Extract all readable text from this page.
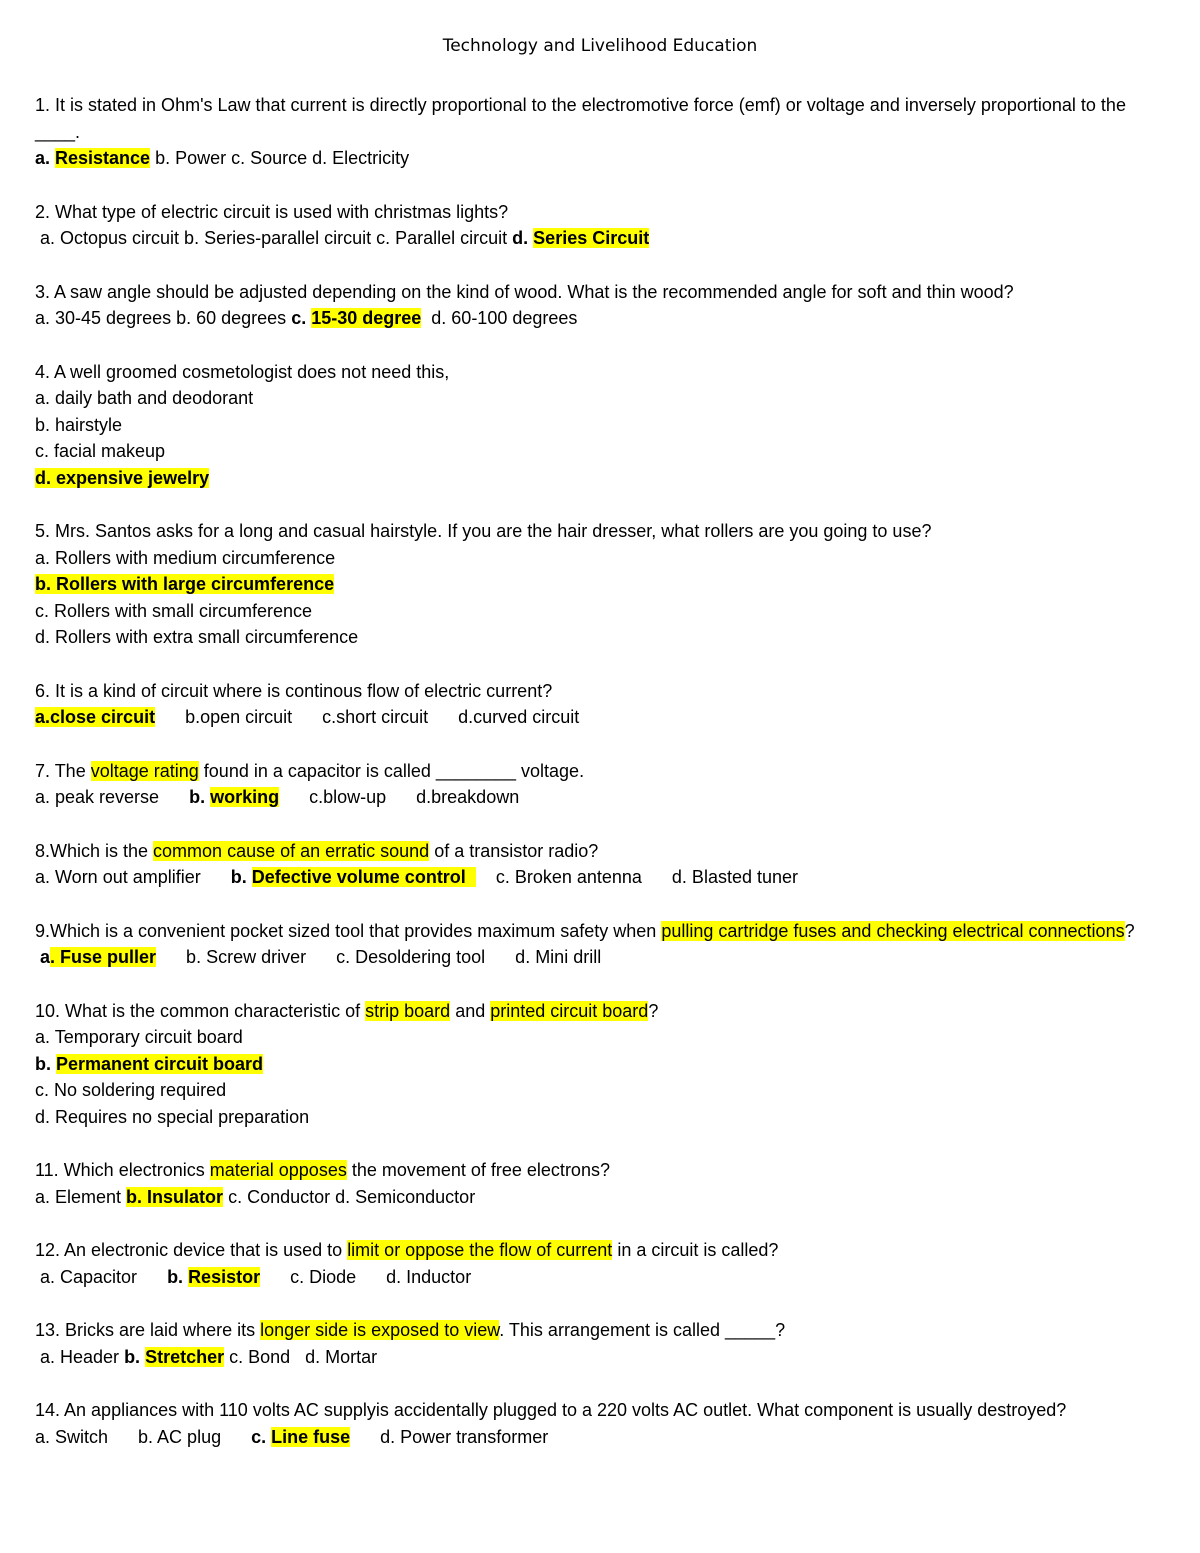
Technology and Livelihood Education
1. It is stated in Ohm's Law that current is directly proportional to the electromotive force (emf) or voltage and inversely proportional to the ____.
a. Resistance b. Power c. Source d. Electricity
2. What type of electric circuit is used with christmas lights?
a. Octopus circuit b. Series-parallel circuit c. Parallel circuit d. Series Circuit
3. A saw angle should be adjusted depending on the kind of wood. What is the recommended angle for soft and thin wood?
a. 30-45 degrees b. 60 degrees c. 15-30 degree  d. 60-100 degrees
4. A well groomed cosmetologist does not need this,
a. daily bath and deodorant
b. hairstyle
c. facial makeup
d. expensive jewelry
5. Mrs. Santos asks for a long and casual hairstyle. If you are the hair dresser, what rollers are you going to use?
a. Rollers with medium circumference
b. Rollers with large circumference
c. Rollers with small circumference
d. Rollers with extra small circumference
6. It is a kind of circuit where is continous flow of electric current?
a.close circuit      b.open circuit      c.short circuit      d.curved circuit
7. The voltage rating found in a capacitor is called ________ voltage.
a. peak reverse      b. working      c.blow-up      d.breakdown
8.Which is the common cause of an erratic sound of a transistor radio?
a. Worn out amplifier      b. Defective volume control      c. Broken antenna      d. Blasted tuner
9.Which is a convenient pocket sized tool that provides maximum safety when pulling cartridge fuses and checking electrical connections?
a. Fuse puller      b. Screw driver      c. Desoldering tool      d. Mini drill
10. What is the common characteristic of strip board and printed circuit board?
a. Temporary circuit board
b. Permanent circuit board
c. No soldering required
d. Requires no special preparation
11. Which electronics material opposes the movement of free electrons?
a. Element b. Insulator c. Conductor d. Semiconductor
12. An electronic device that is used to limit or oppose the flow of current in a circuit is called?
a. Capacitor      b. Resistor      c. Diode      d. Inductor
13. Bricks are laid where its longer side is exposed to view. This arrangement is called _____?
a. Header b. Stretcher c. Bond   d. Mortar
14. An appliances with 110 volts AC supplyis accidentally plugged to a 220 volts AC outlet. What component is usually destroyed?
a. Switch      b. AC plug      c. Line fuse      d. Power transformer
